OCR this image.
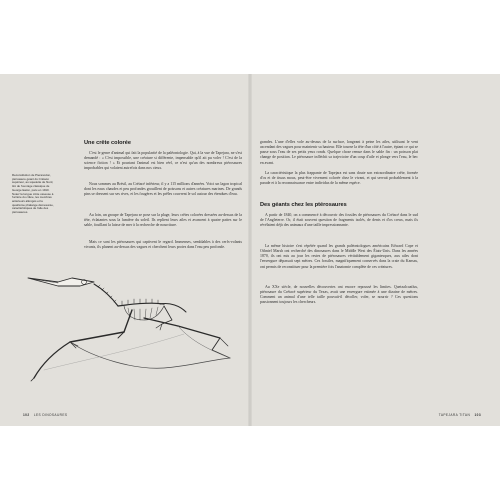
Une crête colorée
C'est le genre d'animal qui fait la popularité de la paléontologie. Qui, à la vue de Tapejara, ne s'est demandé : « C'est impossible, une créature si différente, impensable qu'il ait pu voler ! C'est de la science fiction ! » Et pourtant l'animal est bien réel, ce n'est qu'un des nombreux ptérosaures improbables qui volaient autrefois dans nos cieux.
Nous sommes au Brésil, au Crétacé inférieur, il y a 115 millions d'années. Voici un lagon tropical dont les eaux chaudes et peu profondes grouillent de poissons et autres créatures marines. De grands pins se dressent sur ses rives, et les fougères et les prêles couvrent le sol autour des étendues d'eau.
Au loin, un groupe de Tapejara se pose sur la plage, leurs crêtes colorées dressées au-dessus de la tête, éclatantes sous la lumière du soleil. Ils replient leurs ailes et avancent à quatre pattes sur le sable, fouillant la laisse de mer à la recherche de nourriture.
Mais ce sont les ptérosaures qui captivent le regard. Immenses, semblables à des cerfs-volants vivants, ils planent au-dessus des vagues et cherchent leurs proies dans l'eau peu profonde.
Reconstitution de Pteranodon, ptérosaure géant du Crétacé supérieur, au squelette de Nord, tiré de l'ouvrage classique de George Eaton, paru en 1910. Notez la longue crête osseuse à l'arrière du crâne, les membres antérieurs allongés et la quatrième phalange démesurée, caractéristiques de l'aile des ptérosaures.
102 LES DINOSAURES
grandes. L'une d'elles vole au-dessus de la surface, longeant à peine les ailes, utilisant le vent ascendant des vagues pour maintenir sa hauteur. Elle tourne la tête d'un côté à l'autre, épiant ce qui se passe sous l'eau de ses petits yeux ronds. Quelque chose remue dans le sable fin : un poisson plat change de position. Le ptérosaure infléchit sa trajectoire d'un coup d'aile et plonge vers l'eau, le bec en avant.
La caractéristique la plus frappante de Tapejara est sans doute son extraordinaire crête, formée d'os et de tissus mous, peut-être vivement colorée chez le vivant, et qui servait probablement à la parade et à la reconnaissance entre individus de la même espèce.
Des géants chez les ptérosaures
À partir de 1840, on a commencé à découvrir des fossiles de ptérosaures du Crétacé dans le sud de l'Angleterre. Or, il était souvent question de fragments isolés, de dents et d'os creux, mais ils révélaient déjà des animaux d'une taille impressionnante.
La même histoire s'est répétée quand les grands paléontologues américains Edward Cope et Othniel Marsh ont recherché des dinosaures dans le Middle West des États-Unis. Dans les années 1870, ils ont mis au jour les restes de ptérosaures véritablement gigantesques, aux ailes dont l'envergure dépassait sept mètres. Ces fossiles, magnifiquement conservés dans la craie du Kansas, ont permis de reconstituer pour la première fois l'anatomie complète de ces créatures.
Au XXe siècle, de nouvelles découvertes ont encore repoussé les limites. Quetzalcoatlus, ptérosaure du Crétacé supérieur du Texas, avait une envergure estimée à une dizaine de mètres. Comment un animal d'une telle taille pouvait-il décoller, voler, se nourrir ? Ces questions passionnent toujours les chercheurs.
TAPEJARA TITAN 103
